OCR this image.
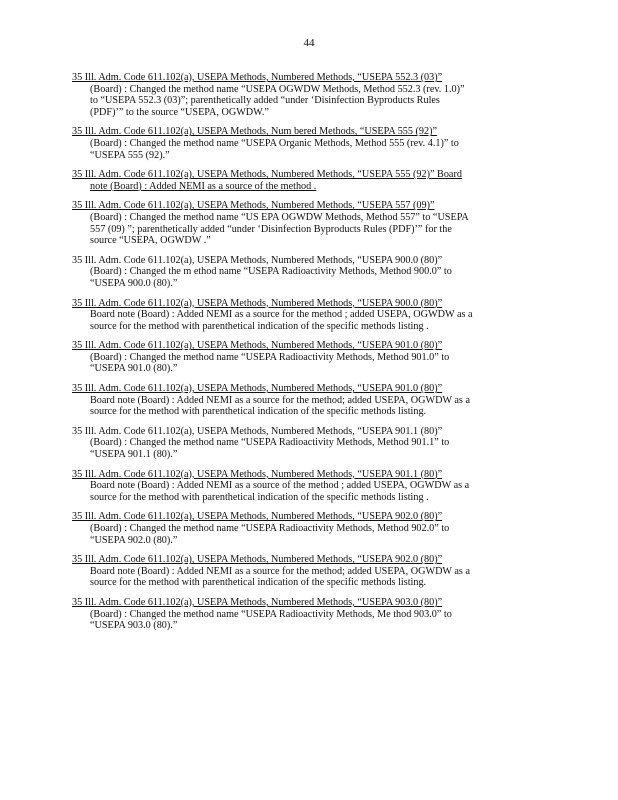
44
35 Ill. Adm. Code 611.102(a), USEPA Methods, Numbered Methods, “USEPA 552.3 (03)”
(Board) : Changed the method name “USEPA OGWDW Methods, Method 552.3 (rev. 1.0)”
to “USEPA 552.3 (03)”; parenthetically added “under ‘Disinfection Byproducts Rules
(PDF)’” to the source “USEPA, OGWDW.”
35 Ill. Adm. Code 611.102(a), USEPA Methods, Num bered Methods, “USEPA 555 (92)”
(Board) : Changed the method name “USEPA Organic Methods, Method 555 (rev. 4.1)” to
“USEPA 555 (92).”
35 Ill. Adm. Code 611.102(a), USEPA Methods, Numbered Methods, “USEPA 555 (92)” Board
note (Board) : Added NEMI as a source of the method .
35 Ill. Adm. Code 611.102(a), USEPA Methods, Numbered Methods, “USEPA 557 (09)”
(Board) : Changed the method name “US EPA OGWDW Methods, Method 557” to “USEPA
557 (09) ”; parenthetically added “under ‘Disinfection Byproducts Rules (PDF)’” for the
source “USEPA, OGWDW .”
35 Ill. Adm. Code 611.102(a), USEPA Methods, Numbered Methods, “USEPA 900.0 (80)”
(Board) : Changed the m ethod name “USEPA Radioactivity Methods, Method 900.0” to
“USEPA 900.0 (80).”
35 Ill. Adm. Code 611.102(a), USEPA Methods, Numbered Methods, “USEPA 900.0 (80)”
Board note (Board) : Added NEMI as a source for the method ; added USEPA, OGWDW as a
source for the method with parenthetical indication of the specific methods listing .
35 Ill. Adm. Code 611.102(a), USEPA Methods, Numbered Methods, “USEPA 901.0 (80)”
(Board) : Changed the method name “USEPA Radioactivity Methods, Method 901.0” to
“USEPA 901.0 (80).”
35 Ill. Adm. Code 611.102(a), USEPA Methods, Numbered Methods, “USEPA 901.0 (80)”
Board note (Board) : Added NEMI as a source for the method; added USEPA, OGWDW as a
source for the method with parenthetical indication of the specific methods listing.
35 Ill. Adm. Code 611.102(a), USEPA Methods, Numbered Methods, “USEPA 901.1 (80)”
(Board) : Changed the method name “USEPA Radioactivity Methods, Method 901.1” to
“USEPA 901.1 (80).”
35 Ill. Adm. Code 611.102(a), USEPA Methods, Numbered Methods, “USEPA 901.1 (80)”
Board note (Board) : Added NEMI as a source of the method ; added USEPA, OGWDW as a
source for the method with parenthetical indication of the specific methods listing .
35 Ill. Adm. Code 611.102(a), USEPA Methods, Numbered Methods, “USEPA 902.0 (80)”
(Board) : Changed the method name “USEPA Radioactivity Methods, Method 902.0” to
“USEPA 902.0 (80).”
35 Ill. Adm. Code 611.102(a), USEPA Methods, Numbered Methods, “USEPA 902.0 (80)”
Board note (Board) : Added NEMI as a source for the method; added USEPA, OGWDW as a
source for the method with parenthetical indication of the specific methods listing.
35 Ill. Adm. Code 611.102(a), USEPA Methods, Numbered Methods, “USEPA 903.0 (80)”
(Board) : Changed the method name “USEPA Radioactivity Methods, Me thod 903.0” to
“USEPA 903.0 (80).”
